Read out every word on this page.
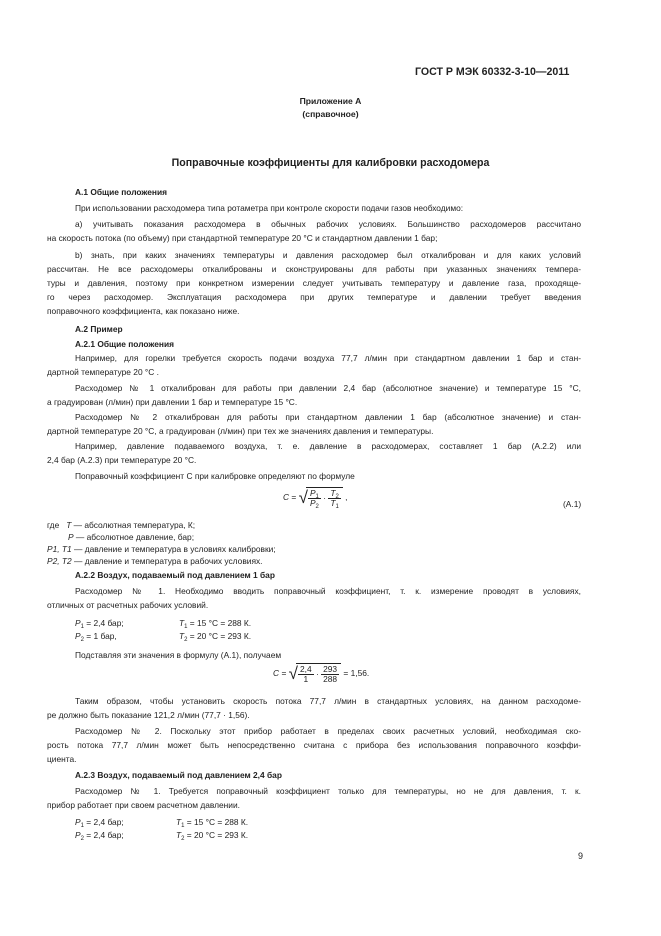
ГОСТ Р МЭК 60332-3-10—2011
Приложение А
(справочное)
Поправочные коэффициенты для калибровки расходомера
А.1 Общие положения
При использовании расходомера типа ротаметра при контроле скорости подачи газов необходимо:
а) учитывать показания расходомера в обычных рабочих условиях. Большинство расходомеров рассчитано
на скорость потока (по объему) при стандартной температуре 20 °С и стандартном давлении 1 бар;
b) знать, при каких значениях температуры и давления расходомер был откалиброван и для каких условий
рассчитан. Не все расходомеры откалиброваны и сконструированы для работы при указанных значениях темпера-
туры и давления, поэтому при конкретном измерении следует учитывать температуру и давление газа, проходяще-
го через расходомер. Эксплуатация расходомера при других температуре и давлении требует введения
поправочного коэффициента, как показано ниже.
А.2 Пример
А.2.1 Общие положения
Например, для горелки требуется скорость подачи воздуха 77,7 л/мин при стандартном давлении 1 бар и стан-
дартной температуре 20 °С .
Расходомер № 1 откалиброван для работы при давлении 2,4 бар (абсолютное значение) и температуре 15 °С,
а градуирован (л/мин) при давлении 1 бар и температуре 15 °С.
Расходомер № 2 откалиброван для работы при стандартном давлении 1 бар (абсолютное значение) и стан-
дартной температуре 20 °С, а градуирован (л/мин) при тех же значениях давления и температуры.
Например, давление подаваемого воздуха, т. е. давление в расходомерах, составляет 1 бар (А.2.2) или
2,4 бар (А.2.3) при температуре 20 °С.
Поправочный коэффициент C при калибровке определяют по формуле
C = √ $\frac{P_1}{P_2} \cdot \frac{T_2}{T_1}$ ,
(А.1)
где T — абсолютная температура, К;
P — абсолютное давление, бар;
P1, T1 — давление и температура в условиях калибровки;
P2, T2 — давление и температура в рабочих условиях.
А.2.2 Воздух, подаваемый под давлением 1 бар
Расходомер № 1. Необходимо вводить поправочный коэффициент, т. к. измерение проводят в условиях,
отличных от расчетных рабочих условий.
$P_1 = 2,4$ бар;	$T_1 = 15$ °С = 288 К.
$P_2 = 1$ бар,	$T_2 = 20$ °С = 293 К.
Подставляя эти значения в формулу (А.1), получаем
C = √ $\frac{2,4}{1} \cdot \frac{293}{288} = 1,56$.
Таким образом, чтобы установить скорость потока 77,7 л/мин в стандартных условиях, на данном расходоме-
ре должно быть показание 121,2 л/мин (77,7 · 1,56).
Расходомер № 2. Поскольку этот прибор работает в пределах своих расчетных условий, необходимая ско-
рость потока 77,7 л/мин может быть непосредственно считана с прибора без использования поправочного коэффи-
циента.
А.2.3 Воздух, подаваемый под давлением 2,4 бар
Расходомер № 1. Требуется поправочный коэффициент только для температуры, но не для давления, т. к.
прибор работает при своем расчетном давлении.
$P_1 = 2,4$ бар;	$T_1 = 15$ °С = 288 К.
$P_2 = 2,4$ бар;	$T_2 = 20$ °С = 293 К.
9
